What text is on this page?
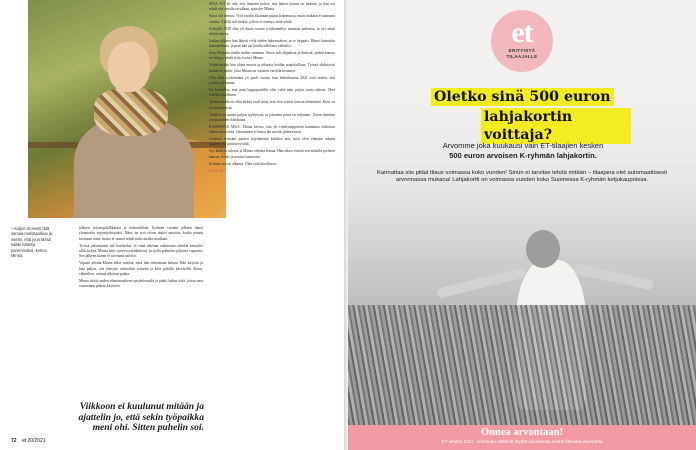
– Kuljen monesti tätä samaa metsäpolkua ja mietin, että juuri tässä kaikki kääntyi paremmaksi, kertoo Minna.

jälkeen myyntipäällikkönä ja esihenkilönä. Kolmen vuoden jälkeen hänet ylennettiin myyntijohtajaksi. Näin, ne työt olivat aluksi antoisia, koska pääsin luomaan uutta, mutta ei saanut tehdä niitä omalla tavallaan.

Työssä jaksaminen tuli koetteeksi, ei enää oikeaan ratkaisuun oikeilla keinoilla ollut kykyä. Minna kävi työterveyslääkärissä, ja siellä puhuttiin pitkästä vapaasta. Sen jälkeen hänen ei tarvinnut miettiä.

Vapaan aikana Minna alkoi miettiä, mitä hän oikeastaan haluaa. Hän kirjoitti ja luki paljon, otti yhteyttä vanhoihin ystäviin ja kävi pitkillä kävelyillä. Sitten, vähitellen, voimat alkoivat palata.

Minna aloitti uuden elämänvaiheen opiskelemalla ja päätti hakea töitä, joissa oma osaaminen pääsee käyttöön.

SINÄ AIT eli sitä, että ihminen kokee, että hänen työnsä on tärkeää, ja hän voi tehdä sitä omalla tavallaan, ajattelee Minna.

Sinut tuli kentuu. Työt vaadin aikanaan paljon hakemusta, mutta mikään ei tuntunut omalta. Välillä tuli hetkiä, jolloin ei tiennyt, mitä tehdä.

Syksyllä 2020 olin yli kuusi vuotta työskennellyt samassa paikassa, ja nyt minä aloitin alusta.

Joulun jälkeen hän lähetti vielä yhden hakemuksen, ja se tärppäsi. Hänet kutsuttiin haastatteluun, ja pian hän sai kuulla tulleensa valituksi.

Sain Marjatin avulla uuden suunnan. Sitten tuli ohjauksia ja ihmisiä, joiden kanssa on helppo tehdä töitä, kertoo Minna.

Tehtävässään hän ohjaa nuoria ja aikuisia heidän urapoluillaan. Työssä yhdistyvät kaikki ne taidot, joita Minna on vuosien varrella kerännyt.

Olin ollut työttömänä yli puoli vuotta, kun helmikuussa 2021 sain tiedon, että paikka oli minun.

En kuvitellut, että uran loppupuolella olisi vielä näin paljon uutta edessä. Olen todella kiitollinen.

Työnantajalla on ollut tärkeä rooli siinä, että olen voinut kasvaa tehtävääni. Kyse on luottamuksesta.

Tehtävä on tuonut paljon tyydytystä, ja jokainen päivä on erilainen. Toisen ihmisen onnistuminen ilahduttaa.

RAMPPAUS AIKA: Minna kertoo, että yli viisikymppisenä kannattaa rohkeasti hakea uusia töitä. Osaaminen ei katoa iän myötä, päinvastoin.

Uudessa työssäni pääsen käyttämään kaikkea sitä, mitä olen elämäni aikana oppinut. Se tuntuu hyvältä.

Nyt kesä on tulossa ja Minna odottaa lomaa. Hän aikoo viettää sen mökillä perheen kanssa, levätä ja nauttia luonnosta.

Kolmas ura on alkanut. Olen siitä kiitollinen.

SINÄ AIT

Viikkoon ei kuulunut mitään ja ajattelin jo, että sekin työpaikka meni ohi. Sitten puhelin soi.
72 et 20/2021
et
ERITYISTÄ
TILAAJALLE
Oletko sinä 500 euron
lahjakortin voittaja?
Arvomme joka kuukausi vain ET-tilaajien kesken
500 euron arvoisen K-ryhmän lahjakortin.
Kannattaa siis pitää tilaus voimassa koko vuoden! Sinun ei tarvitse tehdä mitään – tilaajana olet automaattisesti arvonnassa mukana! Lahjakortti on voimassa vuoden koko Suomessa K-ryhmän ketjukaupoissa.
Onnea arvontaan!
ET-lehden 2021 -arvonnan säännöt löydät osoitteesta etiehti.fi/kuukausiarvonta
